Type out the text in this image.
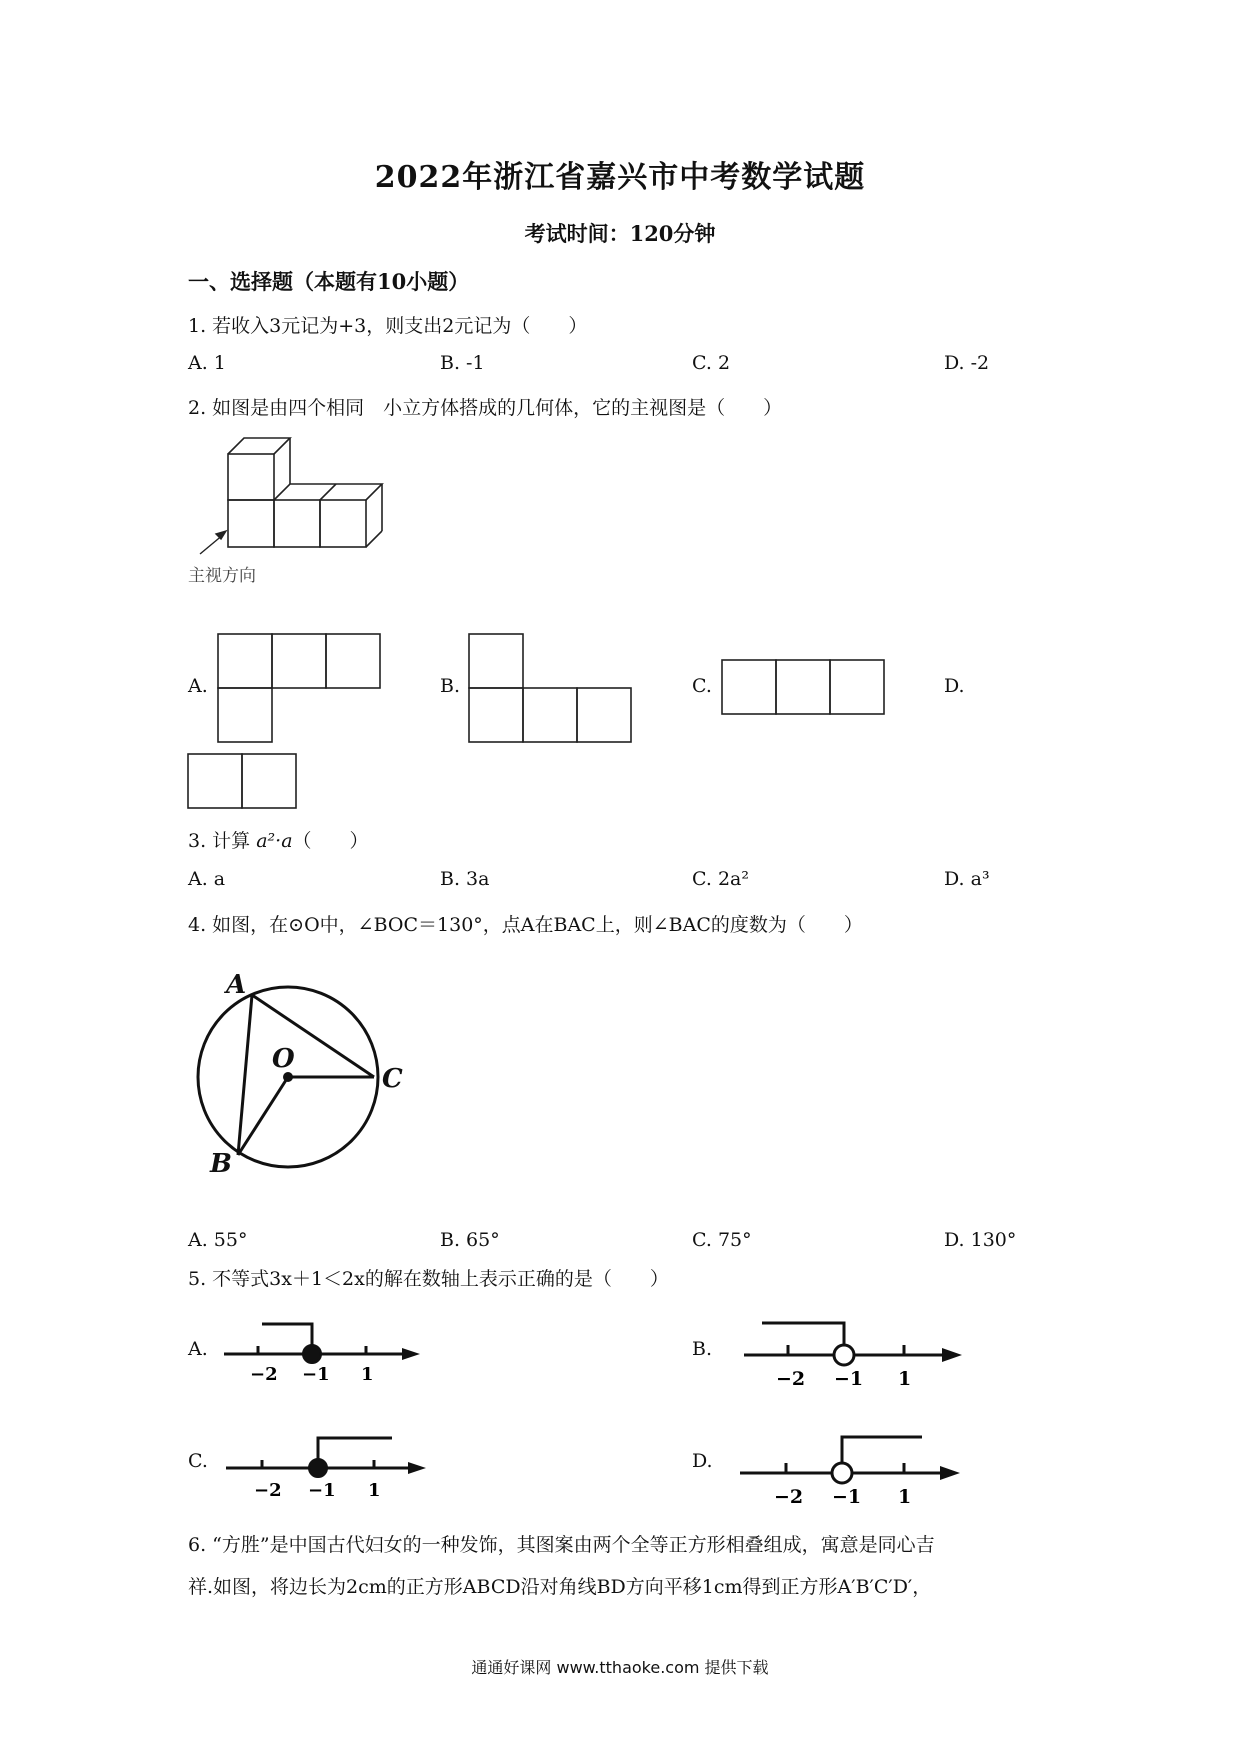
2022年浙江省嘉兴市中考数学试题
考试时间：120分钟
一、选择题（本题有10小题）
1. 若收入3元记为+3，则支出2元记为（　　）
A. 1	B. -1	C. 2	D. -2
2. 如图是由四个相同　小立方体搭成的几何体，它的主视图是（　　）
主视方向
A.	B.	C.	D.
3. 计算 a²·a（　　）
A. a	B. 3a	C. 2a²	D. a³
4. 如图，在⊙O中，∠BOC＝130°，点A在BAC上，则∠BAC的度数为（　　）
A
B
C
O
A. 55°	B. 65°	C. 75°	D. 130°
5. 不等式3x＋1＜2x的解在数轴上表示正确的是（　　）
A.
−2 −1 1
B.
−2 −1 1
C.
−2 −1 1
D.
−2 −1 1
6. “方胜”是中国古代妇女的一种发饰，其图案由两个全等正方形相叠组成，寓意是同心吉
祥.如图，将边长为2cm的正方形ABCD沿对角线BD方向平移1cm得到正方形A′B′C′D′，
通通好课网 www.tthaoke.com 提供下载
